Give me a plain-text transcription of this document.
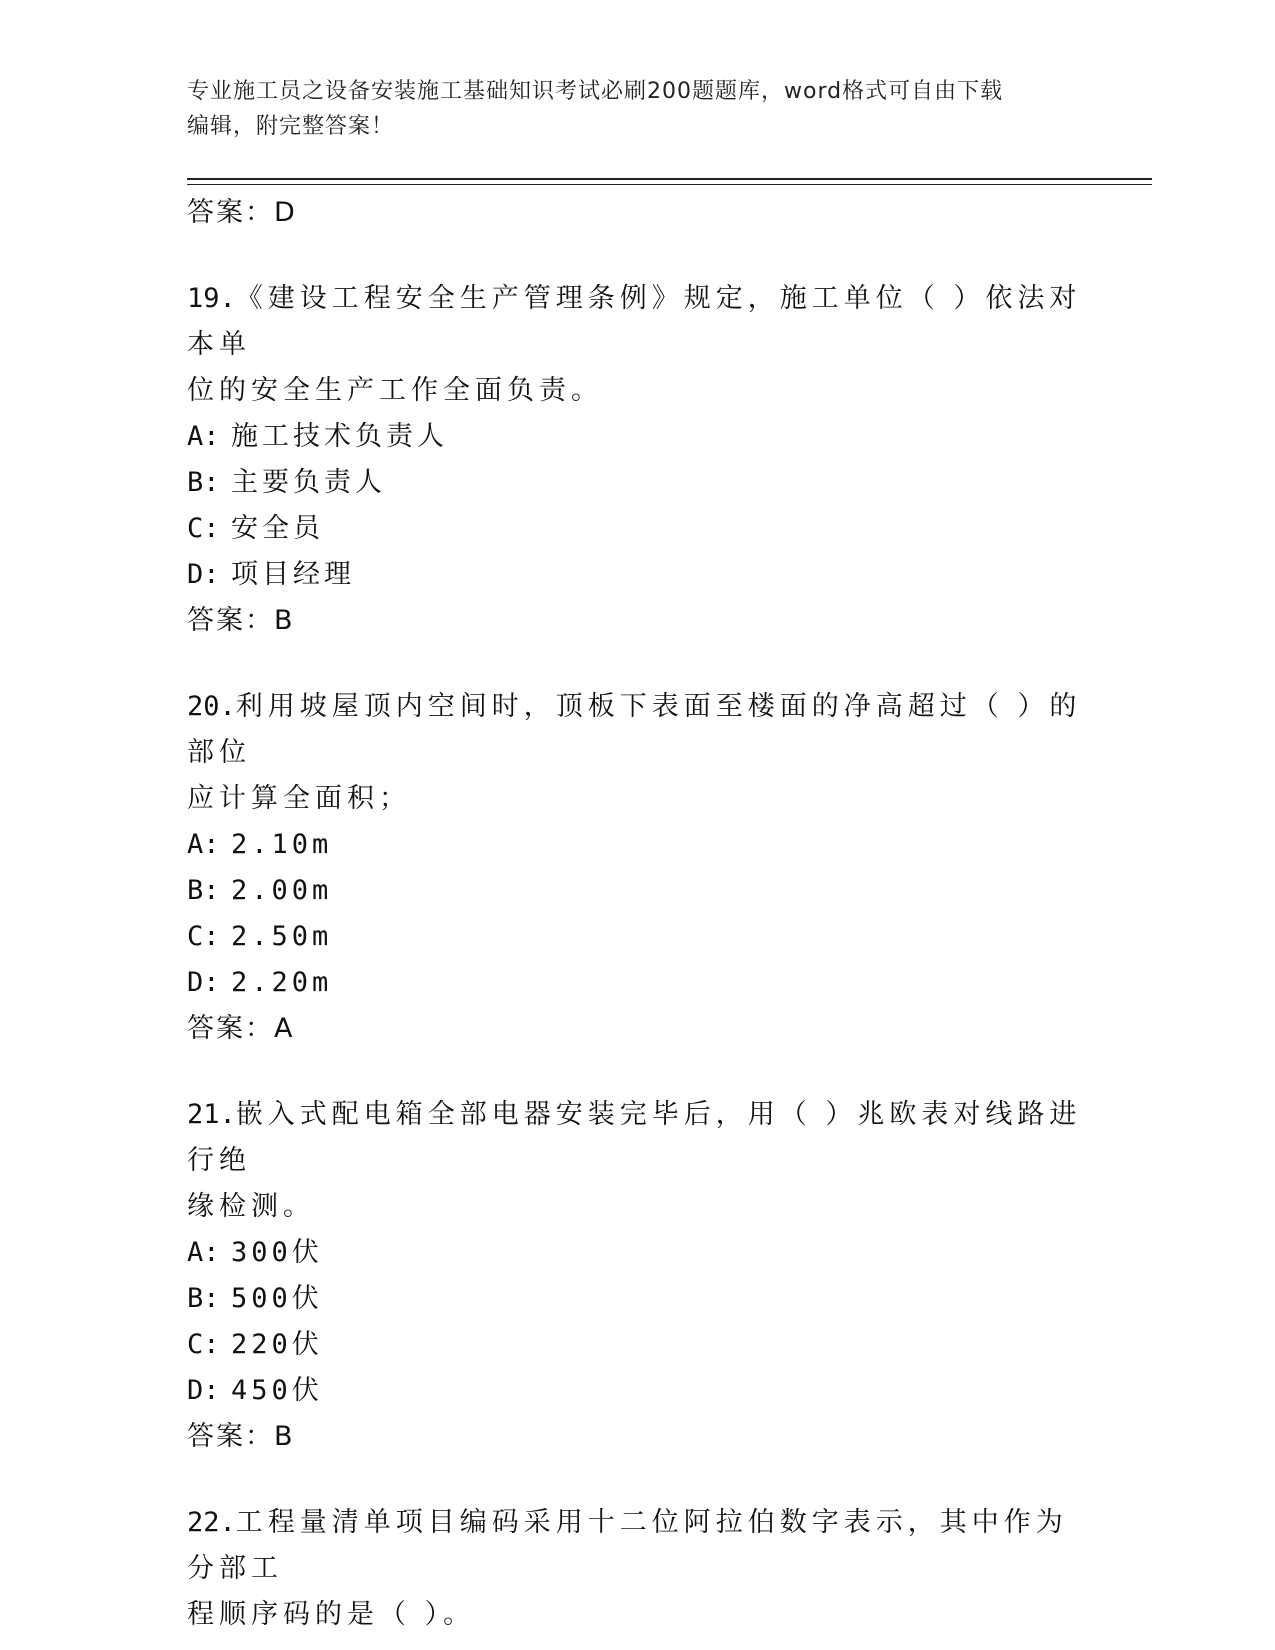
专业施工员之设备安装施工基础知识考试必刷200题题库，word格式可自由下载
编辑，附完整答案！
答案：D
19.《建设工程安全生产管理条例》规定，施工单位（ ）依法对本单
位的安全生产工作全面负责。
A: 施工技术负责人
B: 主要负责人
C: 安全员
D: 项目经理
答案：B
20.利用坡屋顶内空间时，顶板下表面至楼面的净高超过（ ）的部位
应计算全面积；
A: 2.10m
B: 2.00m
C: 2.50m
D: 2.20m
答案：A
21.嵌入式配电箱全部电器安装完毕后，用（ ）兆欧表对线路进行绝
缘检测。
A: 300伏
B: 500伏
C: 220伏
D: 450伏
答案：B
22.工程量清单项目编码采用十二位阿拉伯数字表示，其中作为分部工
程顺序码的是（ ）。
